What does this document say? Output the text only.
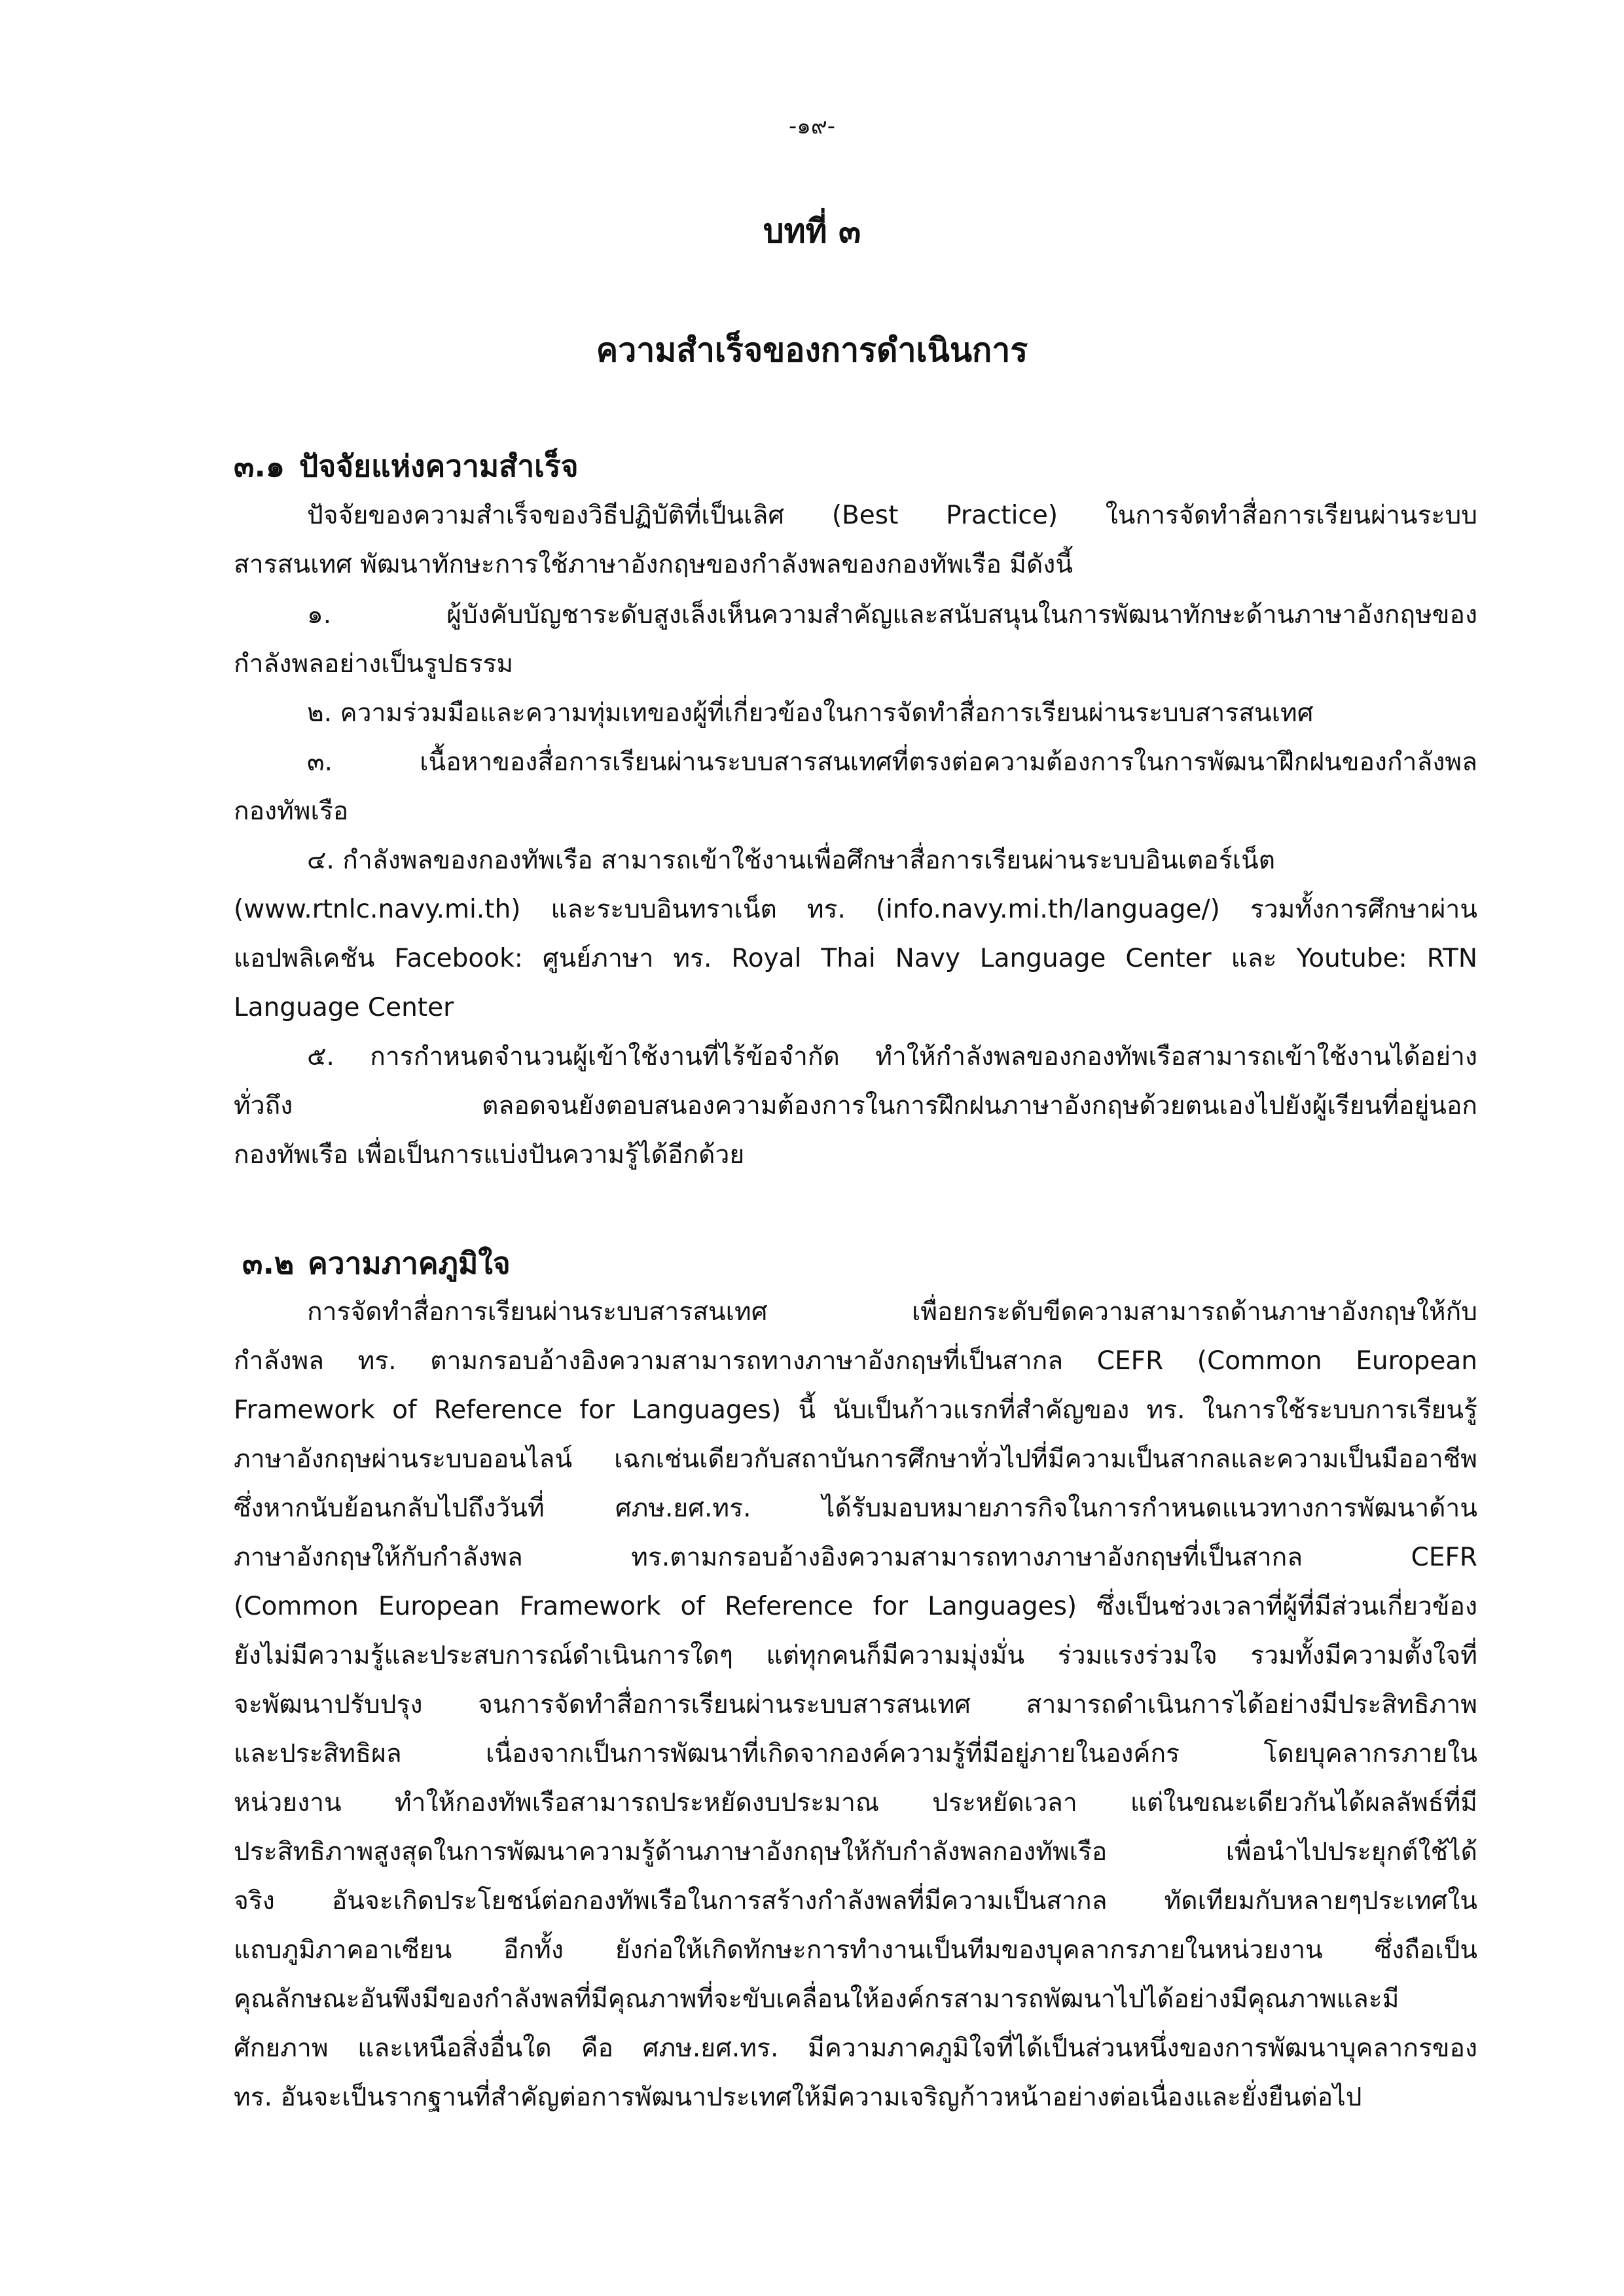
-๑๙-

บทที่ ๓

ความสำเร็จของการดำเนินการ

๓.๑ ปัจจัยแห่งความสำเร็จ

ปัจจัยของความสำเร็จของวิธีปฏิบัติที่เป็นเลิศ (Best Practice) ในการจัดทำสื่อการเรียนผ่านระบบ

สารสนเทศ พัฒนาทักษะการใช้ภาษาอังกฤษของกำลังพลของกองทัพเรือ มีดังนี้

๑. ผู้บังคับบัญชาระดับสูงเล็งเห็นความสำคัญและสนับสนุนในการพัฒนาทักษะด้านภาษาอังกฤษของ

กำลังพลอย่างเป็นรูปธรรม

๒. ความร่วมมือและความทุ่มเทของผู้ที่เกี่ยวข้องในการจัดทำสื่อการเรียนผ่านระบบสารสนเทศ

๓. เนื้อหาของสื่อการเรียนผ่านระบบสารสนเทศที่ตรงต่อความต้องการในการพัฒนาฝึกฝนของกำลังพล

กองทัพเรือ

๔. กำลังพลของกองทัพเรือ สามารถเข้าใช้งานเพื่อศึกษาสื่อการเรียนผ่านระบบอินเตอร์เน็ต

(www.rtnlc.navy.mi.th) และระบบอินทราเน็ต ทร. (info.navy.mi.th/language/) รวมทั้งการศึกษาผ่าน

แอปพลิเคชัน Facebook: ศูนย์ภาษา ทร. Royal Thai Navy Language Center และ Youtube: RTN

Language Center

๕. การกำหนดจำนวนผู้เข้าใช้งานที่ไร้ข้อจำกัด ทำให้กำลังพลของกองทัพเรือสามารถเข้าใช้งานได้อย่าง

ทั่วถึง ตลอดจนยังตอบสนองความต้องการในการฝึกฝนภาษาอังกฤษด้วยตนเองไปยังผู้เรียนที่อยู่นอก

กองทัพเรือ เพื่อเป็นการแบ่งปันความรู้ได้อีกด้วย

๓.๒ ความภาคภูมิใจ

การจัดทำสื่อการเรียนผ่านระบบสารสนเทศ เพื่อยกระดับขีดความสามารถด้านภาษาอังกฤษให้กับ

กำลังพล ทร. ตามกรอบอ้างอิงความสามารถทางภาษาอังกฤษที่เป็นสากล CEFR (Common European

Framework of Reference for Languages) นี้ นับเป็นก้าวแรกที่สำคัญของ ทร. ในการใช้ระบบการเรียนรู้

ภาษาอังกฤษผ่านระบบออนไลน์ เฉกเช่นเดียวกับสถาบันการศึกษาทั่วไปที่มีความเป็นสากลและความเป็นมืออาชีพ

ซึ่งหากนับย้อนกลับไปถึงวันที่ ศภษ.ยศ.ทร. ได้รับมอบหมายภารกิจในการกำหนดแนวทางการพัฒนาด้าน

ภาษาอังกฤษให้กับกำลังพล ทร.ตามกรอบอ้างอิงความสามารถทางภาษาอังกฤษที่เป็นสากล CEFR

(Common European Framework of Reference for Languages) ซึ่งเป็นช่วงเวลาที่ผู้ที่มีส่วนเกี่ยวข้อง

ยังไม่มีความรู้และประสบการณ์ดำเนินการใดๆ แต่ทุกคนก็มีความมุ่งมั่น ร่วมแรงร่วมใจ รวมทั้งมีความตั้งใจที่

จะพัฒนาปรับปรุง จนการจัดทำสื่อการเรียนผ่านระบบสารสนเทศ สามารถดำเนินการได้อย่างมีประสิทธิภาพ

และประสิทธิผล เนื่องจากเป็นการพัฒนาที่เกิดจากองค์ความรู้ที่มีอยู่ภายในองค์กร โดยบุคลากรภายใน

หน่วยงาน ทำให้กองทัพเรือสามารถประหยัดงบประมาณ ประหยัดเวลา แต่ในขณะเดียวกันได้ผลลัพธ์ที่มี

ประสิทธิภาพสูงสุดในการพัฒนาความรู้ด้านภาษาอังกฤษให้กับกำลังพลกองทัพเรือ เพื่อนำไปประยุกต์ใช้ได้

จริง อันจะเกิดประโยชน์ต่อกองทัพเรือในการสร้างกำลังพลที่มีความเป็นสากล ทัดเทียมกับหลายๆประเทศใน

แถบภูมิภาคอาเซียน อีกทั้ง ยังก่อให้เกิดทักษะการทำงานเป็นทีมของบุคลากรภายในหน่วยงาน ซึ่งถือเป็น

คุณลักษณะอันพึงมีของกำลังพลที่มีคุณภาพที่จะขับเคลื่อนให้องค์กรสามารถพัฒนาไปได้อย่างมีคุณภาพและมี

ศักยภาพ และเหนือสิ่งอื่นใด คือ ศภษ.ยศ.ทร. มีความภาคภูมิใจที่ได้เป็นส่วนหนึ่งของการพัฒนาบุคลากรของ

ทร. อันจะเป็นรากฐานที่สำคัญต่อการพัฒนาประเทศให้มีความเจริญก้าวหน้าอย่างต่อเนื่องและยั่งยืนต่อไป
